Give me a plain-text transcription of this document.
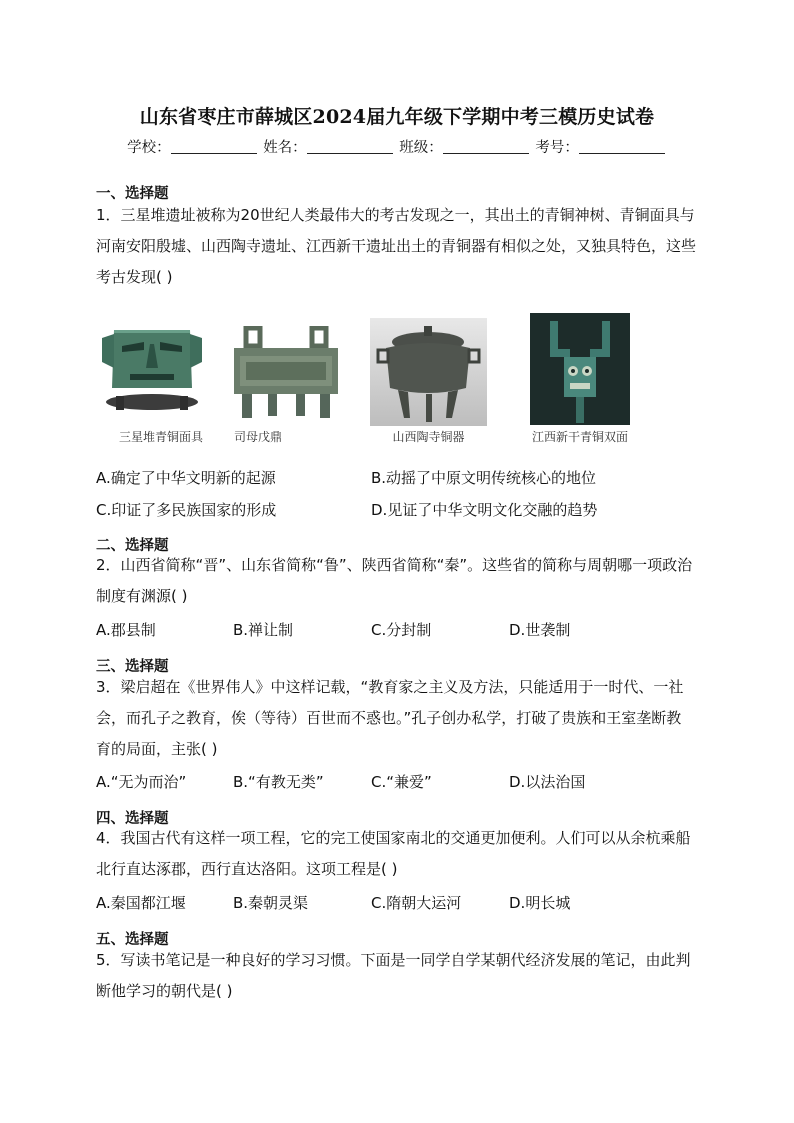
山东省枣庄市薛城区2024届九年级下学期中考三模历史试卷
学校：	姓名：	班级：	考号：
一、选择题
1．三星堆遗址被称为20世纪人类最伟大的考古发现之一，其出土的青铜神树、青铜面具与河南安阳殷墟、山西陶寺遗址、江西新干遗址出土的青铜器有相似之处，又独具特色，这些考古发现( )
三星堆青铜面具	司母戊鼎	山西陶寺铜器	江西新干青铜双面
A.确定了中华文明新的起源	B.动摇了中原文明传统核心的地位
C.印证了多民族国家的形成	D.见证了中华文明文化交融的趋势
二、选择题
2．山西省简称“晋”、山东省简称“鲁”、陕西省简称“秦”。这些省的简称与周朝哪一项政治制度有渊源( )
A.郡县制	B.禅让制	C.分封制	D.世袭制
三、选择题
3．梁启超在《世界伟人》中这样记载，“教育家之主义及方法，只能适用于一时代、一社会，而孔子之教育，俟（等待）百世而不惑也。”孔子创办私学，打破了贵族和王室垄断教育的局面，主张( )
A.“无为而治”	B.“有教无类”	C.“兼爱”	D.以法治国
四、选择题
4．我国古代有这样一项工程，它的完工使国家南北的交通更加便利。人们可以从余杭乘船北行直达涿郡，西行直达洛阳。这项工程是( )
A.秦国都江堰	B.秦朝灵渠	C.隋朝大运河	D.明长城
五、选择题
5．写读书笔记是一种良好的学习习惯。下面是一同学自学某朝代经济发展的笔记，由此判断他学习的朝代是( )
